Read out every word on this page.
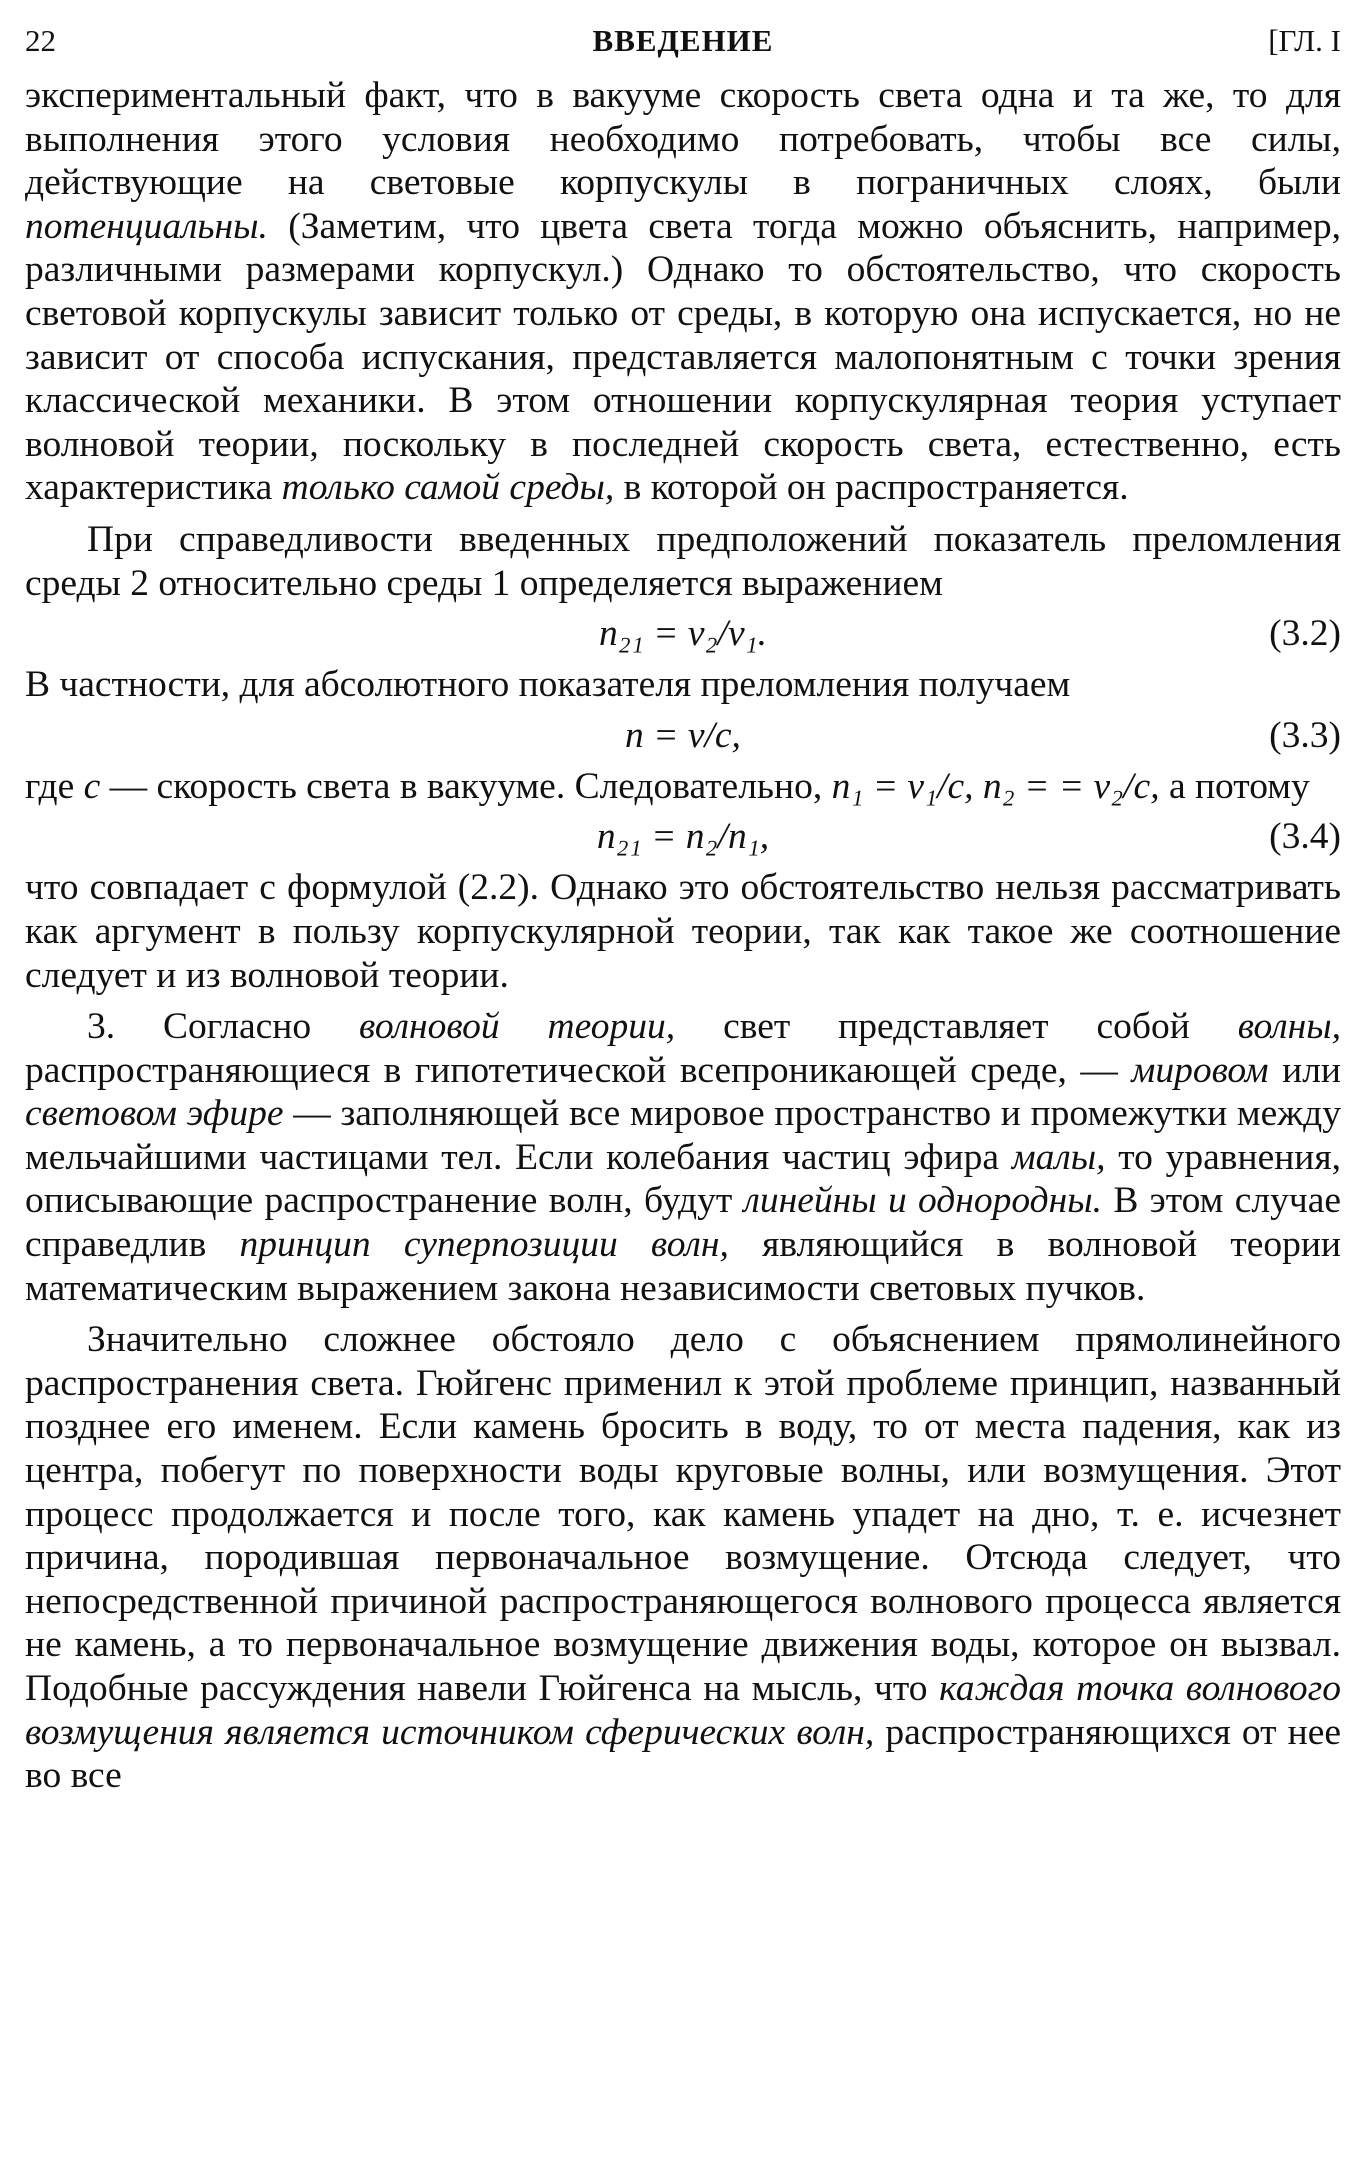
22	ВВЕДЕНИЕ	[ГЛ. I

экспериментальный факт, что в вакууме скорость света одна и та же, то для выполнения этого условия необходимо потребовать, чтобы все силы, действующие на световые корпускулы в пограничных слоях, были потенциальны. (Заметим, что цвета света тогда можно объяснить, например, различными размерами корпускул.) Однако то обстоятельство, что скорость световой корпускулы зависит только от среды, в которую она испускается, но не зависит от способа испускания, представляется малопонятным с точки зрения классической механики. В этом отношении корпускулярная теория уступает волновой теории, поскольку в последней скорость света, естественно, есть характеристика только самой среды, в которой он распространяется.

При справедливости введенных предположений показатель преломления среды 2 относительно среды 1 определяется выражением

n₂₁ = v₂/v₁.	(3.2)

В частности, для абсолютного показателя преломления получаем

n = v/c,	(3.3)

где c — скорость света в вакууме. Следовательно, n₁ = v₁/c, n₂ = = v₂/c, а потому

n₂₁ = n₂/n₁,	(3.4)

что совпадает с формулой (2.2). Однако это обстоятельство нельзя рассматривать как аргумент в пользу корпускулярной теории, так как такое же соотношение следует и из волновой теории.

3. Согласно волновой теории, свет представляет собой волны, распространяющиеся в гипотетической всепроникающей среде, — мировом или световом эфире — заполняющей все мировое пространство и промежутки между мельчайшими частицами тел. Если колебания частиц эфира малы, то уравнения, описывающие распространение волн, будут линейны и однородны. В этом случае справедлив принцип суперпозиции волн, являющийся в волновой теории математическим выражением закона независимости световых пучков.

Значительно сложнее обстояло дело с объяснением прямолинейного распространения света. Гюйгенс применил к этой проблеме принцип, названный позднее его именем. Если камень бросить в воду, то от места падения, как из центра, побегут по поверхности воды круговые волны, или возмущения. Этот процесс продолжается и после того, как камень упадет на дно, т. е. исчезнет причина, породившая первоначальное возмущение. Отсюда следует, что непосредственной причиной распространяющегося волнового процесса является не камень, а то первоначальное возмущение движения воды, которое он вызвал. Подобные рассуждения навели Гюйгенса на мысль, что каждая точка волнового возмущения является источником сферических волн, распространяющихся от нее во все
